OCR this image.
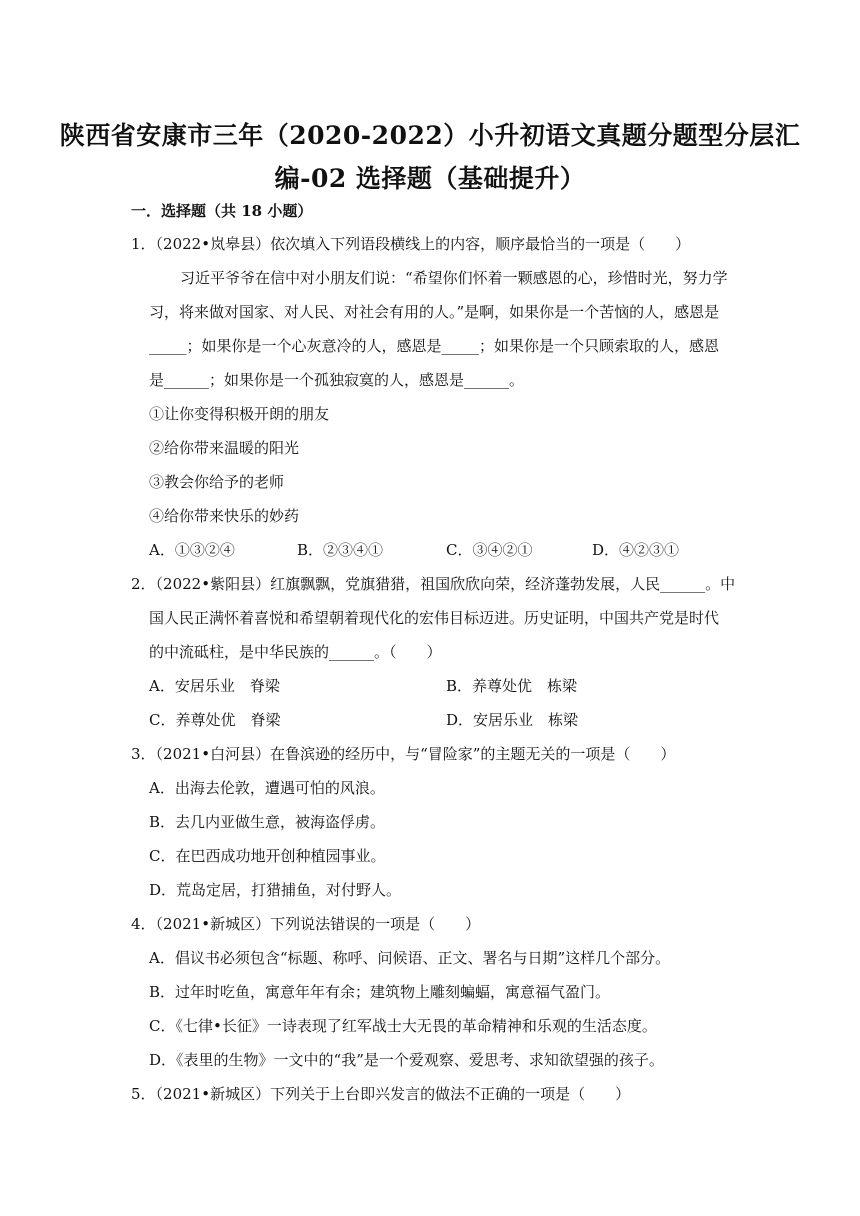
陕西省安康市三年（2020-2022）小升初语文真题分题型分层汇
编-02 选择题（基础提升）
一．选择题（共 18 小题）
1．（2022•岚皋县）依次填入下列语段横线上的内容，顺序最恰当的一项是（　　）
习近平爷爷在信中对小朋友们说：“希望你们怀着一颗感恩的心，珍惜时光，努力学
习，将来做对国家、对人民、对社会有用的人。”是啊，如果你是一个苦恼的人，感恩是
_____；如果你是一个心灰意冷的人，感恩是_____；如果你是一个只顾索取的人，感恩
是______；如果你是一个孤独寂寞的人，感恩是______。
①让你变得积极开朗的朋友
②给你带来温暖的阳光
③教会你给予的老师
④给你带来快乐的妙药
A．①③②④	B．②③④①	C．③④②①	D．④②③①
2．（2022•紫阳县）红旗飘飘，党旗猎猎，祖国欣欣向荣，经济蓬勃发展，人民______。中
国人民正满怀着喜悦和希望朝着现代化的宏伟目标迈进。历史证明，中国共产党是时代
的中流砥柱，是中华民族的______。（　　）
A．安居乐业　脊梁	B．养尊处优　栋梁
C．养尊处优　脊梁	D．安居乐业　栋梁
3．（2021•白河县）在鲁滨逊的经历中，与“冒险家”的主题无关的一项是（　　）
A．出海去伦敦，遭遇可怕的风浪。
B．去几内亚做生意，被海盗俘虏。
C．在巴西成功地开创种植园事业。
D．荒岛定居，打猎捕鱼，对付野人。
4．（2021•新城区）下列说法错误的一项是（　　）
A．倡议书必须包含“标题、称呼、问候语、正文、署名与日期”这样几个部分。
B．过年时吃鱼，寓意年年有余；建筑物上雕刻蝙蝠，寓意福气盈门。
C．《七律•长征》一诗表现了红军战士大无畏的革命精神和乐观的生活态度。
D．《表里的生物》一文中的“我”是一个爱观察、爱思考、求知欲望强的孩子。
5．（2021•新城区）下列关于上台即兴发言的做法不正确的一项是（　　）
